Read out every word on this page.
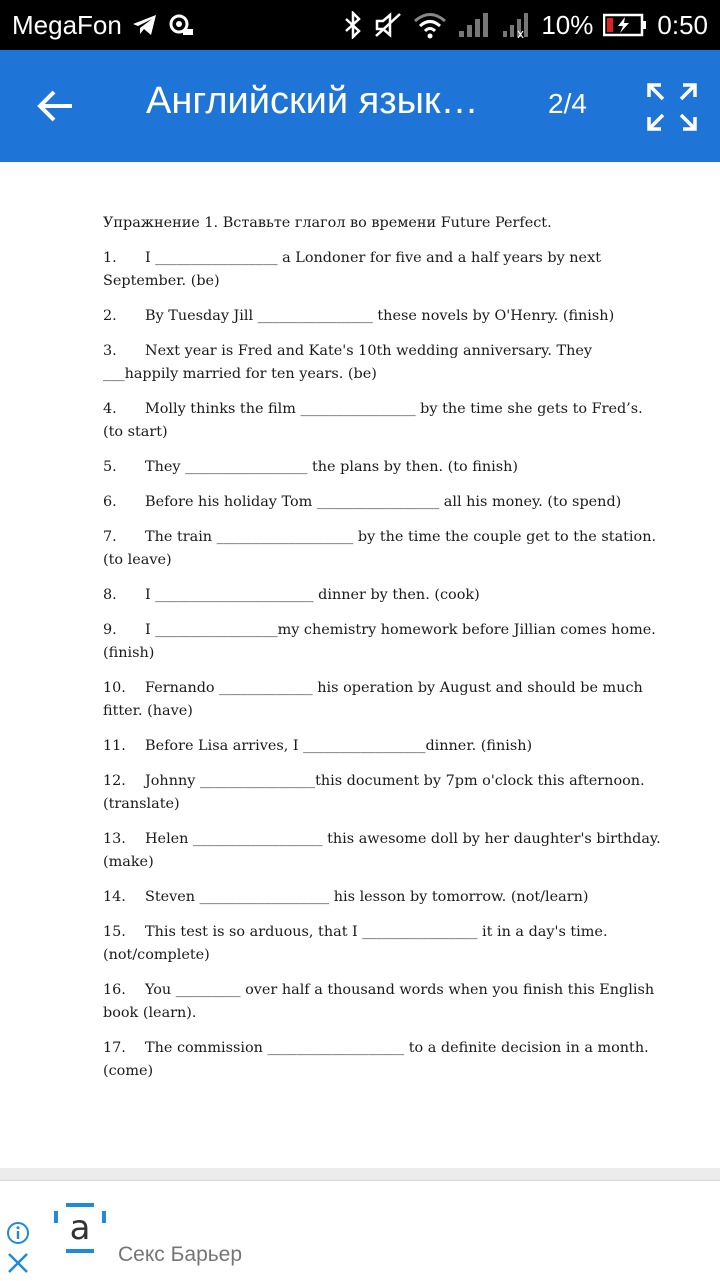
MegaFon	x 10% 0:50
Английский язык…	2/4
Упражнение 1. Вставьте глагол во времени Future Perfect.
1. I _________________ a Londoner for five and a half years by next September. (be)
2. By Tuesday Jill ________________ these novels by O'Henry. (finish)
3. Next year is Fred and Kate's 10th wedding anniversary. They ___happily married for ten years. (be)
4. Molly thinks the film ________________ by the time she gets to Fred’s. (to start)
5. They _________________ the plans by then. (to finish)
6. Before his holiday Tom _________________ all his money. (to spend)
7. The train ___________________ by the time the couple get to the station. (to leave)
8. I ______________________ dinner by then. (cook)
9. I _________________my chemistry homework before Jillian comes home. (finish)
10. Fernando _____________ his operation by August and should be much fitter. (have)
11. Before Lisa arrives, I _________________dinner. (finish)
12. Johnny ________________this document by 7pm o'clock this afternoon. (translate)
13. Helen __________________ this awesome doll by her daughter's birthday. (make)
14. Steven __________________ his lesson by tomorrow. (not/learn)
15. This test is so arduous, that I ________________ it in a day's time. (not/complete)
16. You _________ over half a thousand words when you finish this English book (learn).
17. The commission ___________________ to a definite decision in a month. (come)
a
Секс Барьер
